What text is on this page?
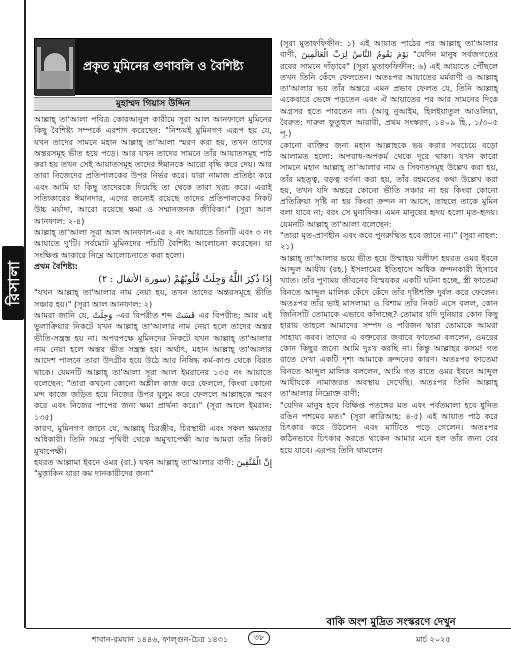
রিসালা
প্রকৃত মুমিনের গুণাবলি ও বৈশিষ্ট্য
মুহাম্মদ গিয়াস উদ্দিন

আল্লাহ্ তা'আলা পবিত্র কোরআনুল কারীমে সূরা আল আনফালে মুমিনের কিছু বৈশিষ্ট্য সম্পর্কে এরশাদ করেছেন: "নিশ্চয়ই মুমিনগণ এরূপ হয় যে, যখন তাদের সামনে মহান আল্লাহ্ তা'আলা স্মরণ করা হয়, তখন তাদের অন্তরসমূহ ভীত হয়ে পড়ে। আর যখন তাদের সামনে তাঁর আয়াতসমূহ পাঠ করা হয় তখন সেই আয়াতসমূহ তাদের ঈমানকে আরো বৃদ্ধি করে দেয়। আর তারা নিজেদের প্রতিপালকের উপর নির্ভর করে। যারা নামাজ প্রতিষ্ঠা করে এবং আমি যা কিছু তাদেরকে দিয়েছি তা থেকে তারা খরচ করে। এরাই সত্যিকারের ঈমানদার, এদের জন্যেই রয়েছে তাদের প্রতিপালকের নিকট উচ্চ মর্যাদা, আরো রয়েছে ক্ষমা ও সম্মানজনক জীবিকা।" (সূরা আল আনফাল: ২-৪)

আল্লাহ্ তা'আলা সূরা আল আনফাল-এর ২ নং আয়াতে তিনটি এবং ৩ নং আয়াতে দু'টি। সর্বমোট মুমিনদের পাঁচটি বৈশিষ্ট্য আলোচনা করেছেন। যা সংক্ষিপ্ত আকারে নিম্নে আলোচনাতে করা হলো।

প্রথম বৈশিষ্ট্য:

إِذَا ذُكِرَ اللَّهُ وَجِلَتْ قُلُوبُهُمْ (سورة الأنفال : ٢)

"যখন আল্লাহ্ তা'আলার নাম নেয়া হয়, তখন তাদের অন্তরসমূহে ভীতি সঞ্চার হয়।" (সূরা আল আনফাল: ২)

আমরা জানি যে, وَجِلَتْ -এর বিপরীত শব্দ قَسَتْ এর বিপরীত; আর এই ভুলাক্রিয়ার নিকটে যখন আল্লাহ্ তা'আলার নাম নেয়া হলে তাদের অন্তর ভীতি-সন্ত্রস্ত হয় না। অপরপক্ষে মুমিনদের নিকটে যখন আল্লাহ্ তা'আলার নাম নেয়া হলে অন্তর ভীত সন্ত্রস্ত হয়। অর্থাৎ, মহান আল্লাহ্ তা'আলার আদেশ পালনে তারা উদগ্রীব হয়ে উঠে আর নিষিদ্ধ কর্ম-কাণ্ড থেকে বিরত থাকে। যেমনটি আল্লাহ্ তা'আলা সূরা আল ইমরানের ১৩৫ নং আয়াতে বলেছেন: "তারা কখনো কোনো অশ্লীল কাজ করে ফেললে, কিংবা কোনো মন্দ কাজে জড়িত হয়ে নিজের উপর যুলুম করে ফেললে আল্লাহকে স্মরণ করে এবং নিজের পাপের জন্য ক্ষমা প্রার্থনা করে।" (সূরা আলে ইমরান: ১৩৫)

কারণ, মুমিনগণ জানে যে, আল্লাহ্ চিরঞ্জীব, চিরস্থায়ী এবং সকল ক্ষমতার অধিকারী। তিনি সমগ্র পৃথিবী থেকে অমুখাপেক্ষী আর আমরা তাঁর নিকট মুখাপেক্ষী।

হযরত আল্লামা ইবনে ওমর (রা.) যখন আল্লাহ্ তা'আলার বাণী: إِنَّ الْمُتَّقِينَ "মুত্তাকিন যারা কম দানকারীদের জন্য"

(সূরা মুতাফফিফীন: ১) এই আয়াত পাঠের পর আল্লাহ্ তা'আলার বাণী, يَوْمَ يَقُومُ النَّاسُ لِرَبِّ الْعَالَمِينَ "যেদিন মানুষ সর্বজগতের রবের সামনে দাঁড়াবে" (সূরা মুতাফফিফীন: ৬) এই আয়াতে পৌঁছলে তখন তিনি কেঁদে ফেলতেন। অতঃপর আয়াতের মর্মবাণী ও আল্লাহ্ তা'আলার ভয় তাঁর অন্তরে এমন প্রভাব ফেলত যে, তিনি আল্লাহ্ একেবারে ভেঙ্গে পড়তেন এবং ঐ আয়াতের পর আর সামনের দিকে অগ্রসর হতে পারতেন না। (আবু নুআইম, হিলইয়াতুল আওলিয়া, বৈরুত: দারুল ফুতুহুল আরাবী, প্রথম সংস্করণ, ১৪০৯ হি., ১/৩০৫ পৃ.)

কোনো ব্যক্তির জন্য মহান আল্লাহকে ভয় করার সবচেয়ে বড়ো আলামত হলো: অপরাধ-অপকর্ম থেকে দূরে থাকা। যখন কারো সামনে মহান আল্লাহ্ তা'আলার নাম ও সিফাতসমূহ উল্লেখ করা হয়, তাঁর মহত্ত্ব, বড়ত্ব বর্ণনা করা হয়, তাঁর রহমতের কথা উল্লেখ করা হয়, তখন যদি অন্তরে কোনো ভীতি সঞ্চার না হয় কিংবা কোনো প্রতিক্রিয়া সৃষ্টি না হয় কিংবা ক্রন্দন না আসে, তাহলে তাকে মুমিন বলা যাবে না; বরং সে মুনাফিক। এমন মানুষের হৃদয় হলো মৃত-হৃদয়। যেমনটি আল্লাহ্ তা'আলা বলেছেন:

"তারা মৃত-প্রাণহীন এবং কবে পুনরুত্থিত হবে জানে না।" (সূরা নাহল: ২১)

আল্লাহ্ তা'আলার ভয়ে ভীত হয়ে উম্মাহয় খলীফা হযরত ওমর ইবনে আব্দুল আযীয (রহ.) ইসলামের ইতিহাসে অধিক ক্রন্দনকারী হিসাবে খ্যাত। তাঁর পুণ্যময় জীবনের বিস্ময়কর একটি ঘটনা হচ্ছে, স্ত্রী ফাতেমা বিনতে আব্দুল মালিক কেঁদে কেঁদে তাঁর দৃষ্টিশক্তি দুর্বল করে ফেলেন। অতঃপর তাঁর ভাই মাসলামা ও বিশাম তাঁর নিকট এসে বলল, কোন জিনিসটি তোমাকে এভাবে কাঁদাচ্ছে? তোমার যদি দুনিয়ার কোন কিছু হারায় তাহলে আমাদের সম্পদ ও পরিজন দ্বারা তোমাকে আমরা সাহায্য করব। তাদের এ বক্তব্যের জবাবে ফাতেমা বললেন, ওমরের কোন কিছুর জন্যে আমি দুঃখ করছি না। কিন্তু আল্লাহর কসম! গত রাতে দেখা একটি দৃশ্য আমাকে ক্রন্দনের কারণ। অতঃপর ফাতেমা বিনতে আব্দুল মালিক বললেন, আমি গত রাতে ওমর ইবনে আব্দুল আযীযকে নামাজরত অবস্থায় দেখেছি। অতঃপর তিনি আল্লাহ্ তা'আলার নিম্নোক্ত বাণী:

"যেদিন মানুষ হবে বিক্ষিপ্ত পতঙ্গের মত এবং পর্বতমালা হবে ধুনিত রঙিন পশমের মত।" (সূরা ক্বারিআহ: ৪-৫) এই আয়াত পাঠ করে চিৎকার করে উঠলেন এবং মাটিতে পড়ে গেলেন। অতঃপর কঠিনভাবে চিৎকার করতে থাকেন আমার মনে হল তাঁর জন্য বের হয়ে যাবে। এরপর তিনি থামলেন

বাকি অংশ মুদ্রিত সংস্করণে দেখুন
শাবান-রমযান ১৪৪৬, ফাল্গুন-চৈত্র ১৪৩১	৩৮	মার্চ ২০২৫
